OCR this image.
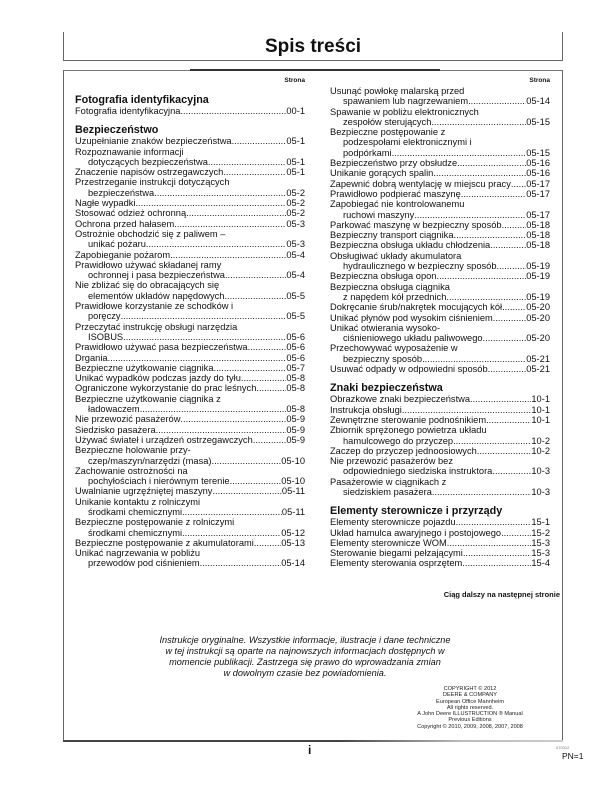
Spis treści
Strona
Fotografia identyfikacyjna
Fotografia identyfikacyjna .....	00-1
Bezpieczeństwo
Uzupełnianie znaków bezpieczeństwa .....	05-1
Rozpoznawanie informacji
dotyczących bezpieczeństwa .....	05-1
Znaczenie napisów ostrzegawczych .....	05-1
Przestrzeganie instrukcji dotyczących
bezpieczeństwa .....	05-2
Nagłe wypadki .....	05-2
Stosować odzież ochronną .....	05-2
Ochrona przed hałasem .....	05-3
Ostrożnie obchodzić się z paliwem –
unikać pożaru .....	05-3
Zapobieganie pożarom .....	05-4
Prawidłowo używać składanej ramy
ochronnej i pasa bezpieczeństwa .....	05-4
Nie zbliżać się do obracających się
elementów układów napędowych .....	05-5
Prawidłowe korzystanie ze schodków i
poręczy .....	05-5
Przeczytać instrukcję obsługi narzędzia
ISOBUS .....	05-6
Prawidłowo używać pasa bezpieczeństwa .....	05-6
Drgania .....	05-6
Bezpieczne użytkowanie ciągnika .....	05-7
Unikać wypadków podczas jazdy do tyłu .....	05-8
Ograniczone wykorzystanie do prac leśnych .....	05-8
Bezpieczne użytkowanie ciągnika z
ładowaczem .....	05-8
Nie przewozić pasażerów .....	05-9
Siedzisko pasażera .....	05-9
Używać świateł i urządzeń ostrzegawczych .....	05-9
Bezpieczne holowanie przy-
czep/maszyn/narzędzi (masa) .....	05-10
Zachowanie ostrożności na
pochyłościach i nierównym terenie .....	05-10
Uwalnianie ugrzęźniętej maszyny .....	05-11
Unikanie kontaktu z rolniczymi
środkami chemicznymi .....	05-11
Bezpieczne postępowanie z rolniczymi
środkami chemicznymi .....	05-12
Bezpieczne postępowanie z akumulatorami .....	05-13
Unikać nagrzewania w pobliżu
przewodów pod ciśnieniem .....	05-14
Strona
Usunąć powłokę malarską przed
spawaniem lub nagrzewaniem .....	05-14
Spawanie w pobliżu elektronicznych
zespołów sterujących .....	05-15
Bezpieczne postępowanie z
podzespołami elektronicznymi i
podpórkami .....	05-15
Bezpieczeństwo przy obsłudze .....	05-16
Unikanie gorących spalin .....	05-16
Zapewnić dobrą wentylację w miejscu pracy ..... 05-17
Prawidłowo podpierać maszynę .....	05-17
Zapobiegać nie kontrolowanemu
ruchowi maszyny .....	05-17
Parkować maszynę w bezpieczny sposób .....	05-18
Bezpieczny transport ciągnika .....	05-18
Bezpieczna obsługa układu chłodzenia .....	05-18
Obsługiwać układy akumulatora
hydraulicznego w bezpieczny sposób .....	05-19
Bezpieczna obsługa opon .....	05-19
Bezpieczna obsługa ciągnika
z napędem kół przednich .....	05-19
Dokręcanie śrub/nakrętek mocujących kół .....	05-20
Unikać płynów pod wysokim ciśnieniem .....	05-20
Unikać otwierania wysoko-
ciśnieniowego układu paliwowego .....	05-20
Przechowywać wyposażenie w
bezpieczny sposób .....	05-21
Usuwać odpady w odpowiedni sposób .....	05-21
Znaki bezpieczeństwa
Obrazkowe znaki bezpieczeństwa .....	10-1
Instrukcja obsługi .....	10-1
Zewnętrzne sterowanie podnośnikiem .....	10-1
Zbiornik sprężonego powietrza układu
hamulcowego do przyczep .....	10-2
Zaczep do przyczep jednoosiowych .....	10-2
Nie przewozić pasażerów bez
odpowiedniego siedziska instruktora .....	10-3
Pasażerowie w ciągnikach z
siedziskiem pasażera .....	10-3
Elementy sterownicze i przyrządy
Elementy sterownicze pojazdu .....	15-1
Układ hamulca awaryjnego i postojowego .....	15-2
Elementy sterownicze WOM .....	15-3
Sterowanie biegami pełzającymi .....	15-3
Elementy sterowania osprzętem .....	15-4
Ciąg dalszy na następnej stronie
Instrukcje oryginalne. Wszystkie informacje, ilustracje i dane techniczne
w tej instrukcji są oparte na najnowszych informacjach dostępnych w
momencie publikacji. Zastrzega się prawo do wprowadzania zmian
w dowolnym czasie bez powiadomienia.
COPYRIGHT © 2012
DEERE & COMPANY
European Office Mannheim
All rights reserved.
A John Deere ILLUSTRUCTION ® Manual
Previous Editions
Copyright © 2010, 2009, 2008, 2007, 2008
i	070312
PN=1
